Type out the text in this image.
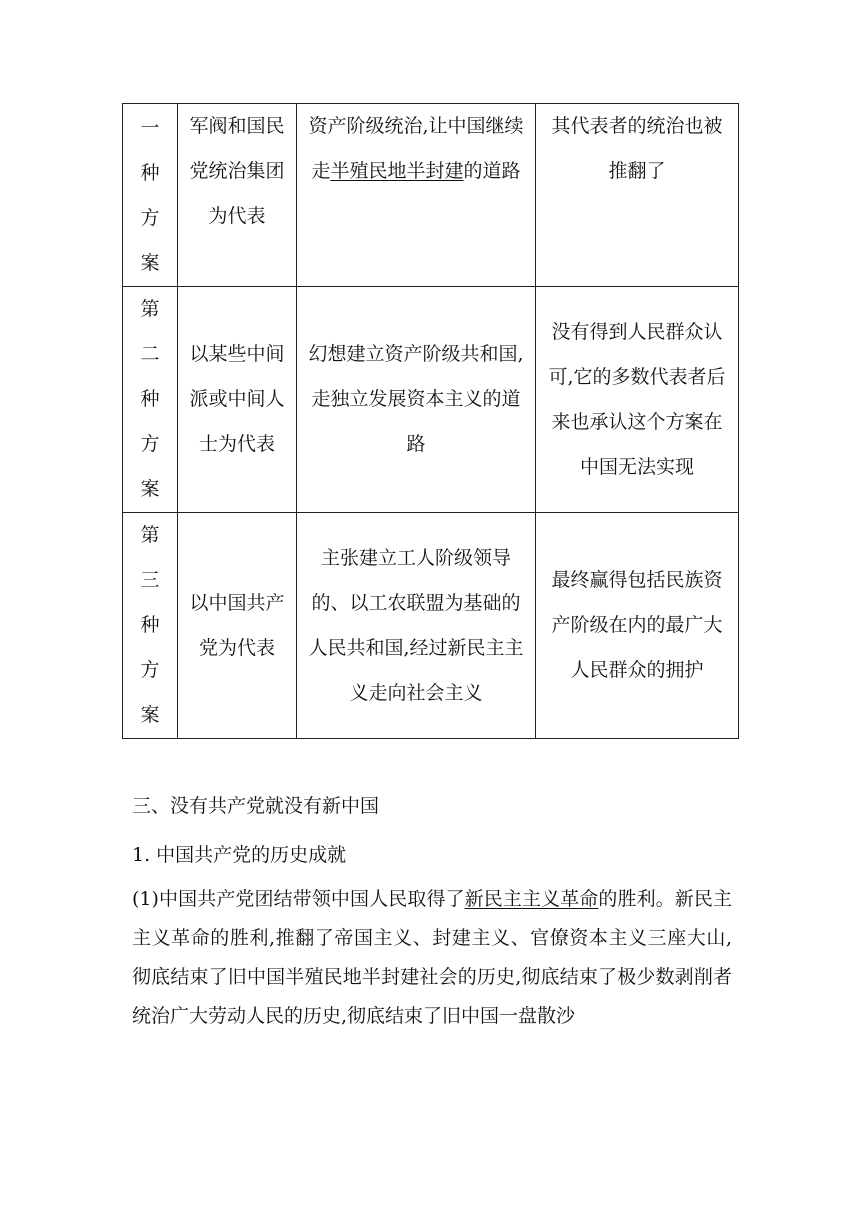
一种方案	军阀和国民党统治集团为代表	资产阶级统治,让中国继续走半殖民地半封建的道路	其代表者的统治也被推翻了
第二种方案	以某些中间派或中间人士为代表	幻想建立资产阶级共和国,走独立发展资本主义的道路	没有得到人民群众认可,它的多数代表者后来也承认这个方案在中国无法实现
第三种方案	以中国共产党为代表	主张建立工人阶级领导的、以工农联盟为基础的人民共和国,经过新民主主义走向社会主义	最终赢得包括民族资产阶级在内的最广大人民群众的拥护

三、没有共产党就没有新中国

1. 中国共产党的历史成就

(1)中国共产党团结带领中国人民取得了新民主主义革命的胜利。新民主主义革命的胜利,推翻了帝国主义、封建主义、官僚资本主义三座大山,彻底结束了旧中国半殖民地半封建社会的历史,彻底结束了极少数剥削者统治广大劳动人民的历史,彻底结束了旧中国一盘散沙
